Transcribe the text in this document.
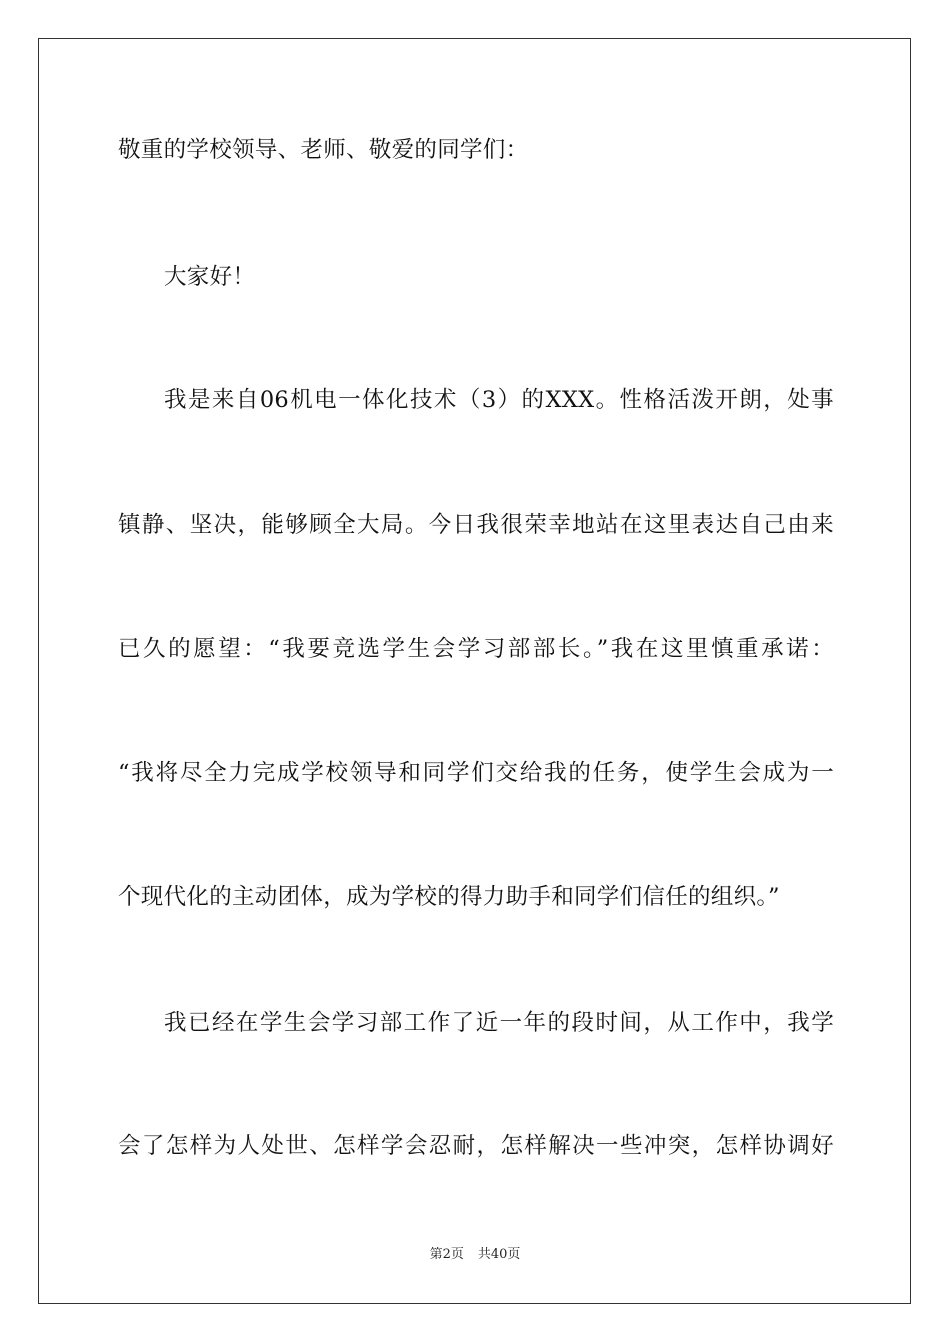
敬重的学校领导、老师、敬爱的同学们：
大家好！
我是来自06机电一体化技术（3）的XXX。性格活泼开朗，处事
镇静、坚决，能够顾全大局。今日我很荣幸地站在这里表达自己由来
已久的愿望：“我要竞选学生会学习部部长。”我在这里慎重承诺：
“我将尽全力完成学校领导和同学们交给我的任务，使学生会成为一
个现代化的主动团体，成为学校的得力助手和同学们信任的组织。”
我已经在学生会学习部工作了近一年的段时间，从工作中，我学
会了怎样为人处世、怎样学会忍耐，怎样解决一些冲突，怎样协调好
第2页 共40页
